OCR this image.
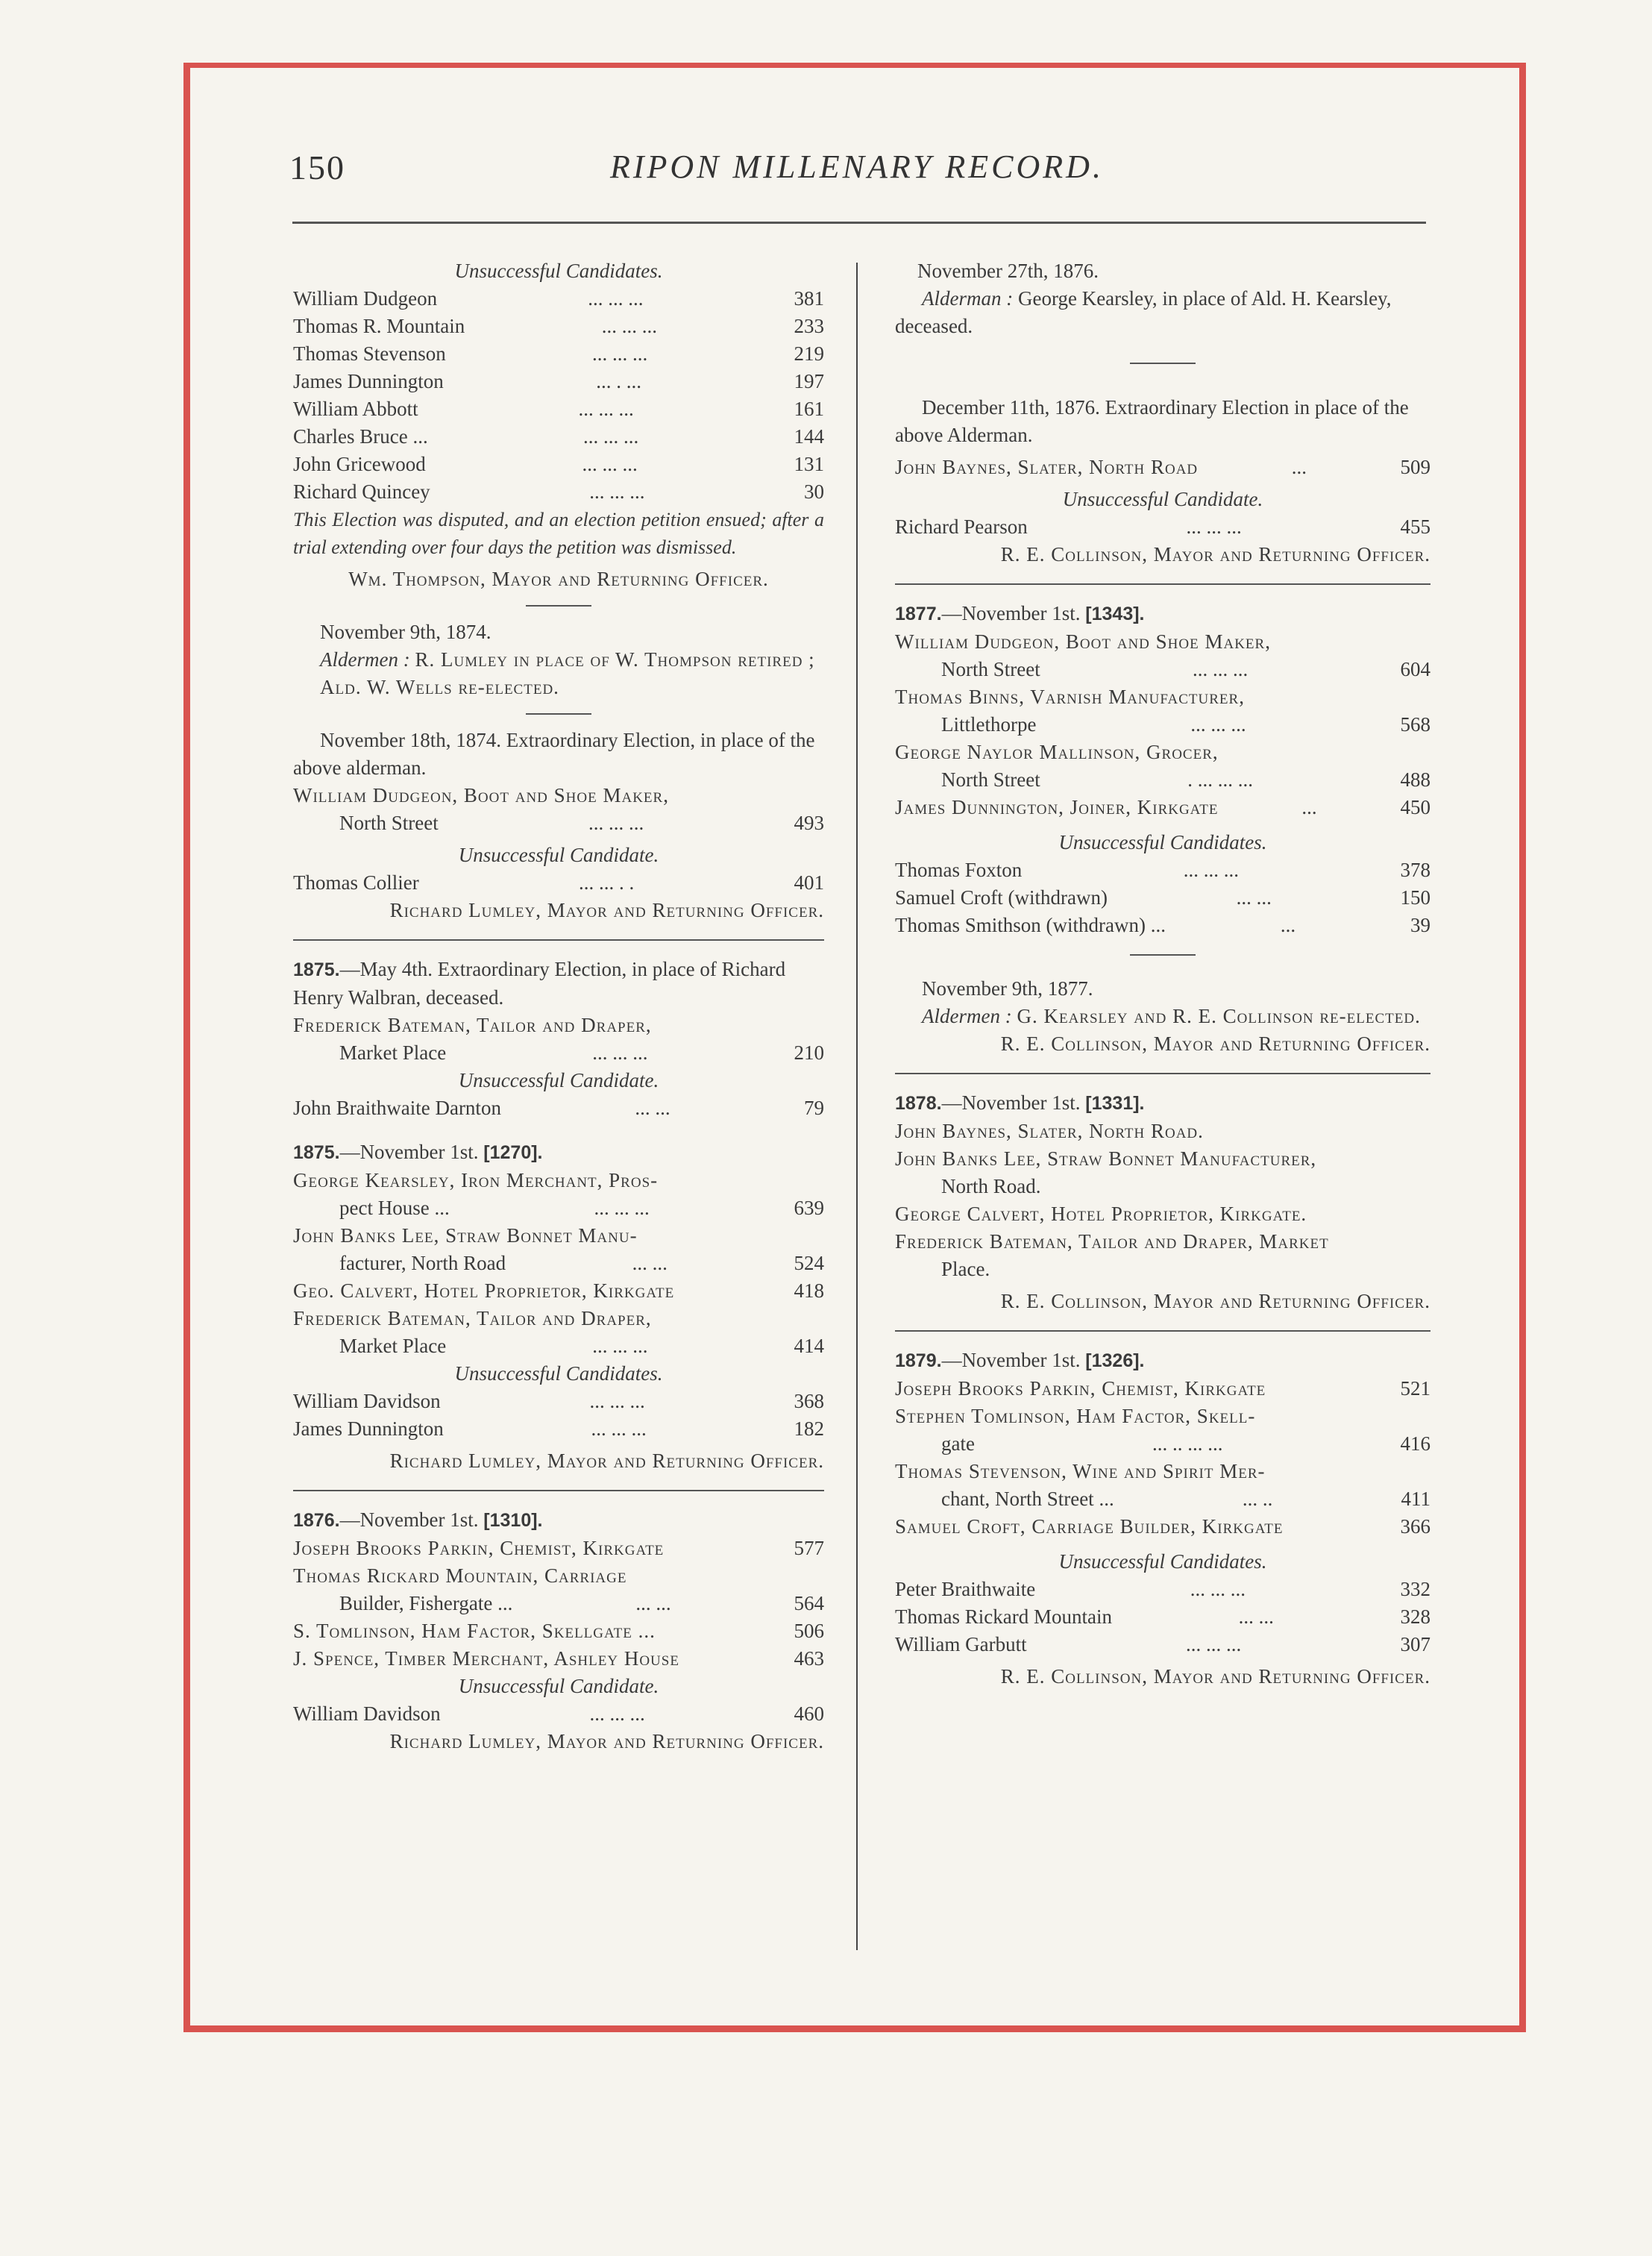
150	RIPON MILLENARY RECORD.
Unsuccessful Candidates.
William Dudgeon	... ... ...	381
Thomas R. Mountain	... ... ...	233
Thomas Stevenson	... ... ...	219
James Dunnington	... . ...	197
William Abbott	... ... ...	161
Charles Bruce ...	... ... ...	144
John Gricewood	... ... ...	131
Richard Quincey	... ... ...	30

This Election was disputed, and an election petition ensued; after a trial extending over four days the petition was dismissed.

Wm. Thompson, Mayor and Returning Officer.
November 9th, 1874.
Aldermen : R. Lumley in place of W. Thompson retired ; Ald. W. Wells re-elected.

November 18th, 1874. Extraordinary Election, in place of the above alderman.

William Dudgeon, Boot and Shoe Maker,
North Street	... ... ...	493
Unsuccessful Candidate.
Thomas Collier	... ... . .	401
Richard Lumley, Mayor and Returning Officer.

1875.—May 4th. Extraordinary Election, in place of Richard Henry Walbran, deceased.

Frederick Bateman, Tailor and Draper,
Market Place	... ... ...	210
Unsuccessful Candidate.
John Braithwaite Darnton	... ...	79
1875.—November 1st. [1270].
George Kearsley, Iron Merchant, Pros-
pect House ...	... ... ...	639
John Banks Lee, Straw Bonnet Manu-
facturer, North Road	... ...	524
Geo. Calvert, Hotel Proprietor, Kirkgate	418
Frederick Bateman, Tailor and Draper,
Market Place	... ... ...	414
Unsuccessful Candidates.
William Davidson	... ... ...	368
James Dunnington	... ... ...	182
Richard Lumley, Mayor and Returning Officer.
1876.—November 1st. [1310].
Joseph Brooks Parkin, Chemist, Kirkgate	577
Thomas Rickard Mountain, Carriage
Builder, Fishergate ...	... ...	564
S. Tomlinson, Ham Factor, Skellgate ...	506
J. Spence, Timber Merchant, Ashley House	463
Unsuccessful Candidate.
William Davidson	... ... ...	460
Richard Lumley, Mayor and Returning Officer.
November 27th, 1876.

Alderman : George Kearsley, in place of Ald. H. Kearsley, deceased.

December 11th, 1876. Extraordinary Election in place of the above Alderman.

John Baynes, Slater, North Road	...	509
Unsuccessful Candidate.
Richard Pearson	... ... ...	455
R. E. Collinson, Mayor and Returning Officer.
1877.—November 1st. [1343].
William Dudgeon, Boot and Shoe Maker,
North Street	... ... ...	604
Thomas Binns, Varnish Manufacturer,
Littlethorpe	... ... ...	568
George Naylor Mallinson, Grocer,
North Street	. ... ... ...	488
James Dunnington, Joiner, Kirkgate	...	450
Unsuccessful Candidates.
Thomas Foxton	... ... ...	378
Samuel Croft (withdrawn)	... ...	150
Thomas Smithson (withdrawn) ...	...	39
November 9th, 1877.

Aldermen : G. Kearsley and R. E. Collinson re-elected.

R. E. Collinson, Mayor and Returning Officer.
1878.—November 1st. [1331].
John Baynes, Slater, North Road.
John Banks Lee, Straw Bonnet Manufacturer,
North Road.
George Calvert, Hotel Proprietor, Kirkgate.
Frederick Bateman, Tailor and Draper, Market
Place.
R. E. Collinson, Mayor and Returning Officer.
1879.—November 1st. [1326].
Joseph Brooks Parkin, Chemist, Kirkgate	521
Stephen Tomlinson, Ham Factor, Skell-
gate	... .. ... ...	416
Thomas Stevenson, Wine and Spirit Mer-
chant, North Street ...	... ..	411
Samuel Croft, Carriage Builder, Kirkgate	366
Unsuccessful Candidates.
Peter Braithwaite	... ... ...	332
Thomas Rickard Mountain	... ...	328
William Garbutt	... ... ...	307
R. E. Collinson, Mayor and Returning Officer.
